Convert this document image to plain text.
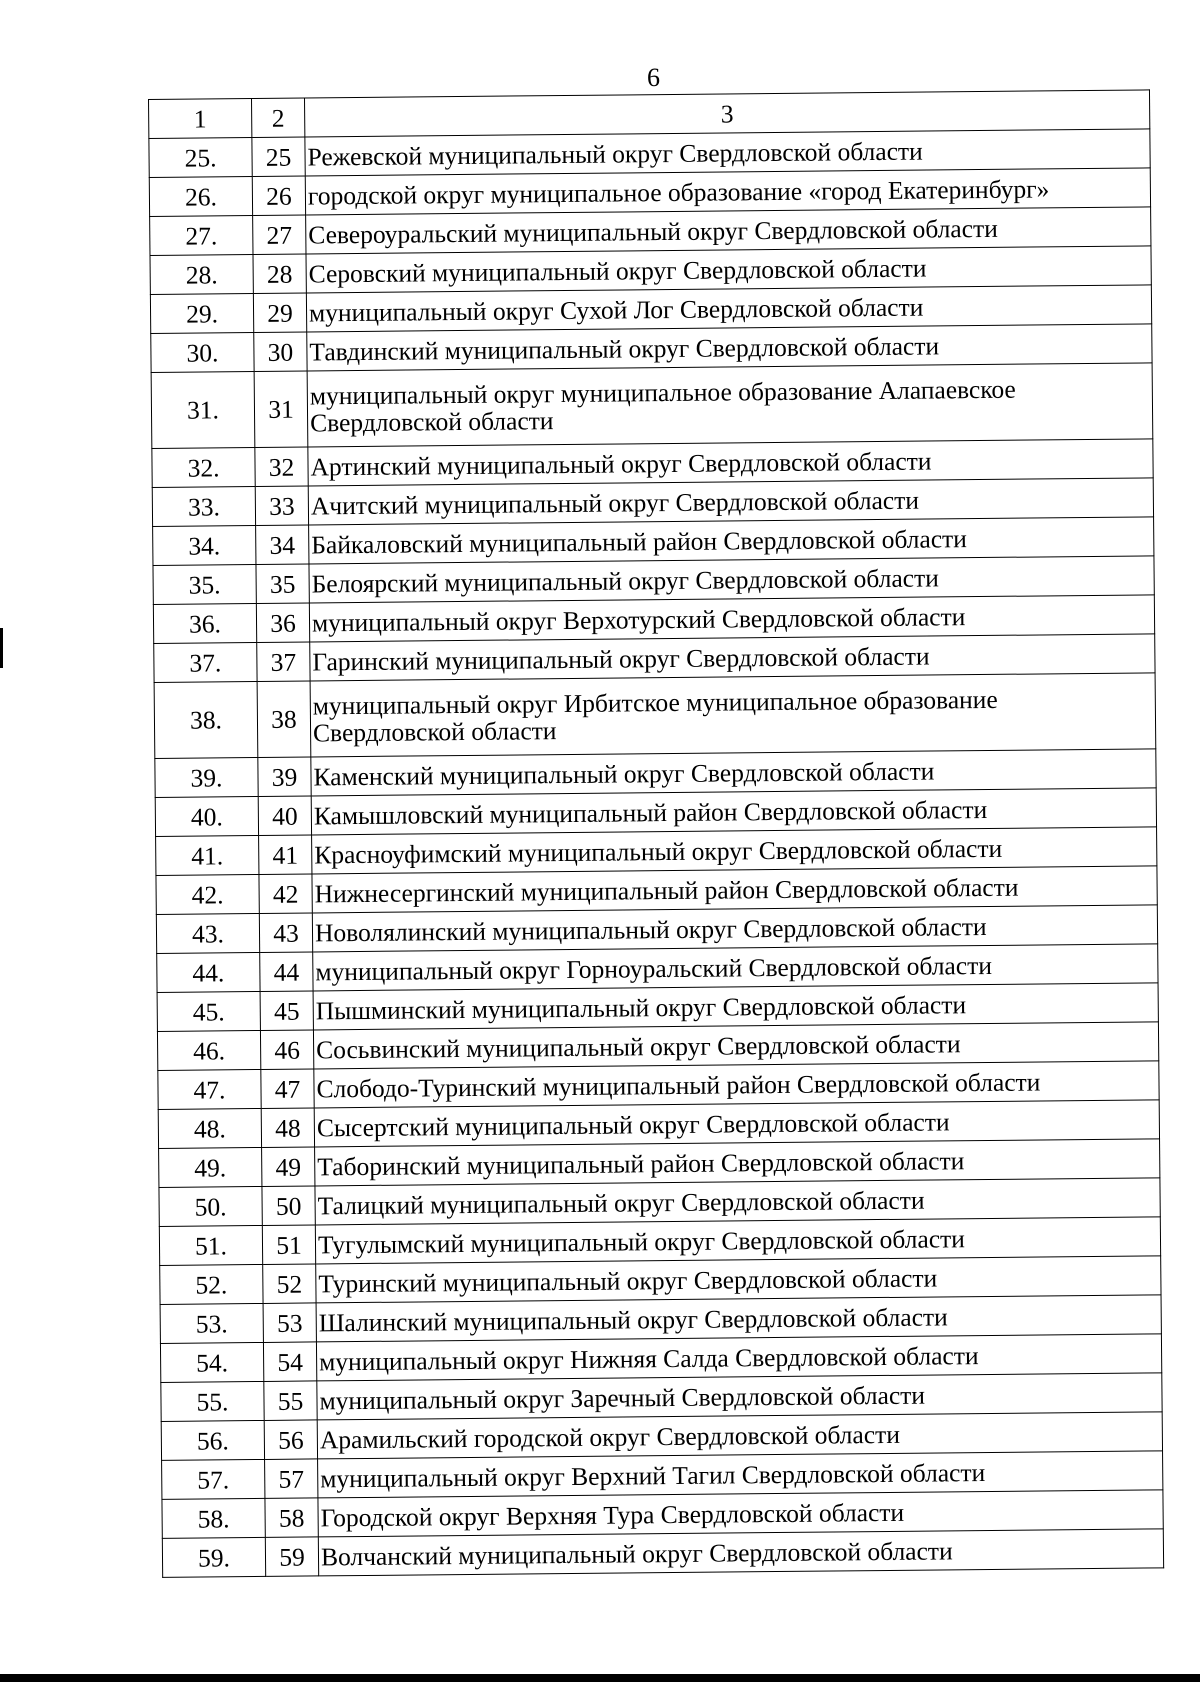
6
1	2	3
25.	25	Режевской муниципальный округ Свердловской области
26.	26	городской округ муниципальное образование «город Екатеринбург»
27.	27	Североуральский муниципальный округ Свердловской области
28.	28	Серовский муниципальный округ Свердловской области
29.	29	муниципальный округ Сухой Лог Свердловской области
30.	30	Тавдинский муниципальный округ Свердловской области
31.	31	муниципальный округ муниципальное образование Алапаевское Свердловской области
32.	32	Артинский муниципальный округ Свердловской области
33.	33	Ачитский муниципальный округ Свердловской области
34.	34	Байкаловский муниципальный район Свердловской области
35.	35	Белоярский муниципальный округ Свердловской области
36.	36	муниципальный округ Верхотурский Свердловской области
37.	37	Гаринский муниципальный округ Свердловской области
38.	38	муниципальный округ Ирбитское муниципальное образование Свердловской области
39.	39	Каменский муниципальный округ Свердловской области
40.	40	Камышловский муниципальный район Свердловской области
41.	41	Красноуфимский муниципальный округ Свердловской области
42.	42	Нижнесергинский муниципальный район Свердловской области
43.	43	Новолялинский муниципальный округ Свердловской области
44.	44	муниципальный округ Горноуральский Свердловской области
45.	45	Пышминский муниципальный округ Свердловской области
46.	46	Сосьвинский муниципальный округ Свердловской области
47.	47	Слободо-Туринский муниципальный район Свердловской области
48.	48	Сысертский муниципальный округ Свердловской области
49.	49	Таборинский муниципальный район Свердловской области
50.	50	Талицкий муниципальный округ Свердловской области
51.	51	Тугулымский муниципальный округ Свердловской области
52.	52	Туринский муниципальный округ Свердловской области
53.	53	Шалинский муниципальный округ Свердловской области
54.	54	муниципальный округ Нижняя Салда Свердловской области
55.	55	муниципальный округ Заречный Свердловской области
56.	56	Арамильский городской округ Свердловской области
57.	57	муниципальный округ Верхний Тагил Свердловской области
58.	58	Городской округ Верхняя Тура Свердловской области
59.	59	Волчанский муниципальный округ Свердловской области
